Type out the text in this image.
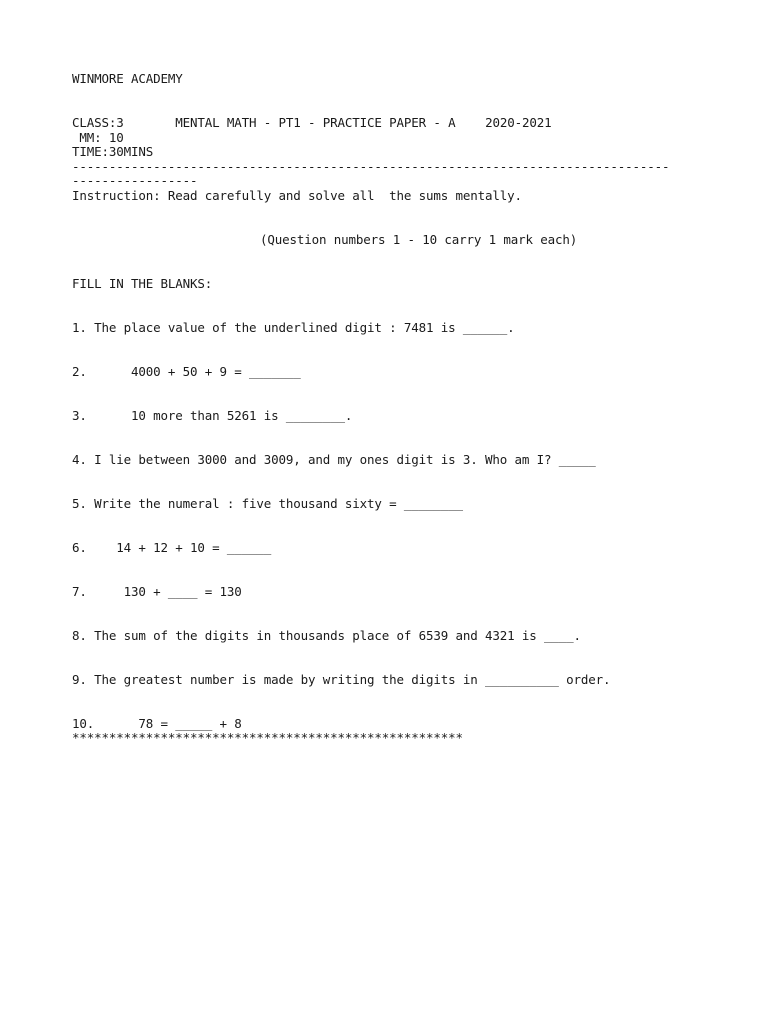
WINMORE ACADEMY
CLASS:3	MENTAL MATH - PT1 - PRACTICE PAPER - A 2020-2021
MM: 10
TIME:30MINS
---------------------------------------------------------------------------------
-----------------
Instruction: Read carefully and solve all  the sums mentally.
(Question numbers 1 - 10 carry 1 mark each)
FILL IN THE BLANKS:
1. The place value of the underlined digit : 7481 is ______.
2.      4000 + 50 + 9 = _______
3.      10 more than 5261 is ________.
4. I lie between 3000 and 3009, and my ones digit is 3. Who am I? _____
5. Write the numeral : five thousand sixty = ________
6.    14 + 12 + 10 = ______
7.     130 + ____ = 130
8. The sum of the digits in thousands place of 6539 and 4321 is ____.
9. The greatest number is made by writing the digits in __________ order.
10.      78 = _____ + 8
*****************************************************
